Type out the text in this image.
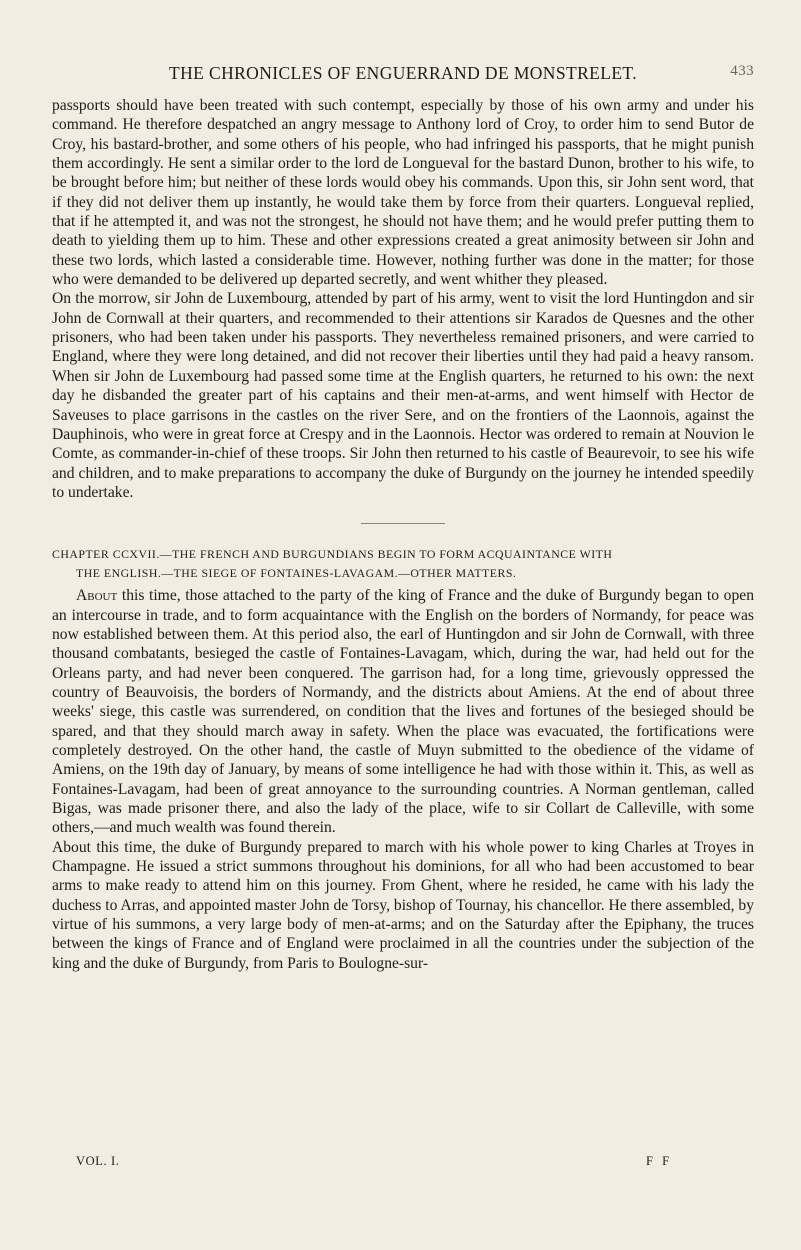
THE CHRONICLES OF ENGUERRAND DE MONSTRELET.	433

passports should have been treated with such contempt, especially by those of his own army and under his command. He therefore despatched an angry message to Anthony lord of Croy, to order him to send Butor de Croy, his bastard-brother, and some others of his people, who had infringed his passports, that he might punish them accordingly. He sent a similar order to the lord de Longueval for the bastard Dunon, brother to his wife, to be brought before him; but neither of these lords would obey his commands. Upon this, sir John sent word, that if they did not deliver them up instantly, he would take them by force from their quarters. Longueval replied, that if he attempted it, and was not the strongest, he should not have them; and he would prefer putting them to death to yielding them up to him. These and other expressions created a great animosity between sir John and these two lords, which lasted a considerable time. However, nothing further was done in the matter; for those who were demanded to be delivered up departed secretly, and went whither they pleased.

On the morrow, sir John de Luxembourg, attended by part of his army, went to visit the lord Huntingdon and sir John de Cornwall at their quarters, and recommended to their attentions sir Karados de Quesnes and the other prisoners, who had been taken under his passports. They nevertheless remained prisoners, and were carried to England, where they were long detained, and did not recover their liberties until they had paid a heavy ransom. When sir John de Luxembourg had passed some time at the English quarters, he returned to his own: the next day he disbanded the greater part of his captains and their men-at-arms, and went himself with Hector de Saveuses to place garrisons in the castles on the river Sere, and on the frontiers of the Laonnois, against the Dauphinois, who were in great force at Crespy and in the Laonnois. Hector was ordered to remain at Nouvion le Comte, as commander-in-chief of these troops. Sir John then returned to his castle of Beaurevoir, to see his wife and children, and to make preparations to accompany the duke of Burgundy on the journey he intended speedily to undertake.

CHAPTER CCXVII.—THE FRENCH AND BURGUNDIANS BEGIN TO FORM ACQUAINTANCE WITH
THE ENGLISH.—THE SIEGE OF FONTAINES-LAVAGAM.—OTHER MATTERS.

About this time, those attached to the party of the king of France and the duke of Burgundy began to open an intercourse in trade, and to form acquaintance with the English on the borders of Normandy, for peace was now established between them. At this period also, the earl of Huntingdon and sir John de Cornwall, with three thousand combatants, besieged the castle of Fontaines-Lavagam, which, during the war, had held out for the Orleans party, and had never been conquered. The garrison had, for a long time, grievously oppressed the country of Beauvoisis, the borders of Normandy, and the districts about Amiens. At the end of about three weeks' siege, this castle was surrendered, on condition that the lives and fortunes of the besieged should be spared, and that they should march away in safety. When the place was evacuated, the fortifications were completely destroyed. On the other hand, the castle of Muyn submitted to the obedience of the vidame of Amiens, on the 19th day of January, by means of some intelligence he had with those within it. This, as well as Fontaines-Lavagam, had been of great annoyance to the surrounding countries. A Norman gentleman, called Bigas, was made prisoner there, and also the lady of the place, wife to sir Collart de Calleville, with some others,—and much wealth was found therein.

About this time, the duke of Burgundy prepared to march with his whole power to king Charles at Troyes in Champagne. He issued a strict summons throughout his dominions, for all who had been accustomed to bear arms to make ready to attend him on this journey. From Ghent, where he resided, he came with his lady the duchess to Arras, and appointed master John de Torsy, bishop of Tournay, his chancellor. He there assembled, by virtue of his summons, a very large body of men-at-arms; and on the Saturday after the Epiphany, the truces between the kings of France and of England were proclaimed in all the countries under the subjection of the king and the duke of Burgundy, from Paris to Boulogne-sur-

VOL. I.	F F
